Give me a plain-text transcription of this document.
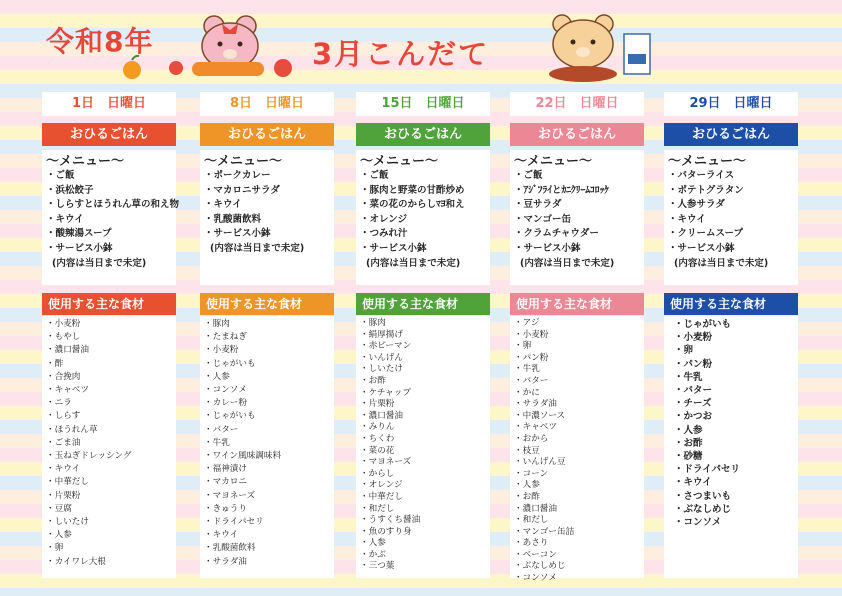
令和8年	3月こんだて
1日　日曜日
おひるごはん
～メニュー～
・ご飯
・浜松餃子
・しらすとほうれん草の和え物
・キウイ
・酸辣湯スープ
・サービス小鉢
(内容は当日まで未定)
使用する主な食材
・小麦粉
・もやし
・濃口醤油
・酢
・合挽肉
・キャベツ
・ニラ
・しらす
・ほうれん草
・ごま油
・玉ねぎドレッシング
・キウイ
・中華だし
・片栗粉
・豆腐
・しいたけ
・人参
・卵
・カイワレ大根
8日　日曜日
おひるごはん
～メニュー～
・ポークカレー
・マカロニサラダ
・キウイ
・乳酸菌飲料
・サービス小鉢
(内容は当日まで未定)
使用する主な食材
・豚肉
・たまねぎ
・小麦粉
・じゃがいも
・人参
・コンソメ
・カレー粉
・じゃがいも
・バター
・牛乳
・ワイン風味調味料
・福神漬け
・マカロニ
・マヨネーズ
・きゅうり
・ドライパセリ
・キウイ
・乳酸菌飲料
・サラダ油
15日　日曜日
おひるごはん
～メニュー～
・ご飯
・豚肉と野菜の甘酢炒め
・菜の花のからしﾏﾖ和え
・オレンジ
・つみれ汁
・サービス小鉢
(内容は当日まで未定)
使用する主な食材
・豚肉
・絹厚揚げ
・赤ピーマン
・いんげん
・しいたけ
・お酢
・ケチャップ
・片栗粉
・濃口醤油
・みりん
・ちくわ
・菜の花
・マヨネーズ
・からし
・オレンジ
・中華だし
・和だし
・うすくち醤油
・魚のすり身
・人参
・かぶ
・三つ葉
22日　日曜日
おひるごはん
～メニュー～
・ご飯
・ｱｼﾞﾌﾗｲとｶﾆｸﾘｰﾑｺﾛｯｹ
・豆サラダ
・マンゴー缶
・クラムチャウダー
・サービス小鉢
(内容は当日まで未定)
使用する主な食材
・アジ
・小麦粉
・卵
・パン粉
・牛乳
・バター
・かに
・サラダ油
・中濃ソース
・キャベツ
・おから
・枝豆
・いんげん豆
・コーン
・人参
・お酢
・濃口醤油
・和だし
・マンゴー缶詰
・あさり
・ベーコン
・ぶなしめじ
・コンソメ
29日　日曜日
おひるごはん
～メニュー～
・バターライス
・ポテトグラタン
・人参サラダ
・キウイ
・クリームスープ
・サービス小鉢
(内容は当日まで未定)
使用する主な食材
・じゃがいも
・小麦粉
・卵
・パン粉
・牛乳
・バター
・チーズ
・かつお
・人参
・お酢
・砂糖
・ドライパセリ
・キウイ
・さつまいも
・ぶなしめじ
・コンソメ
